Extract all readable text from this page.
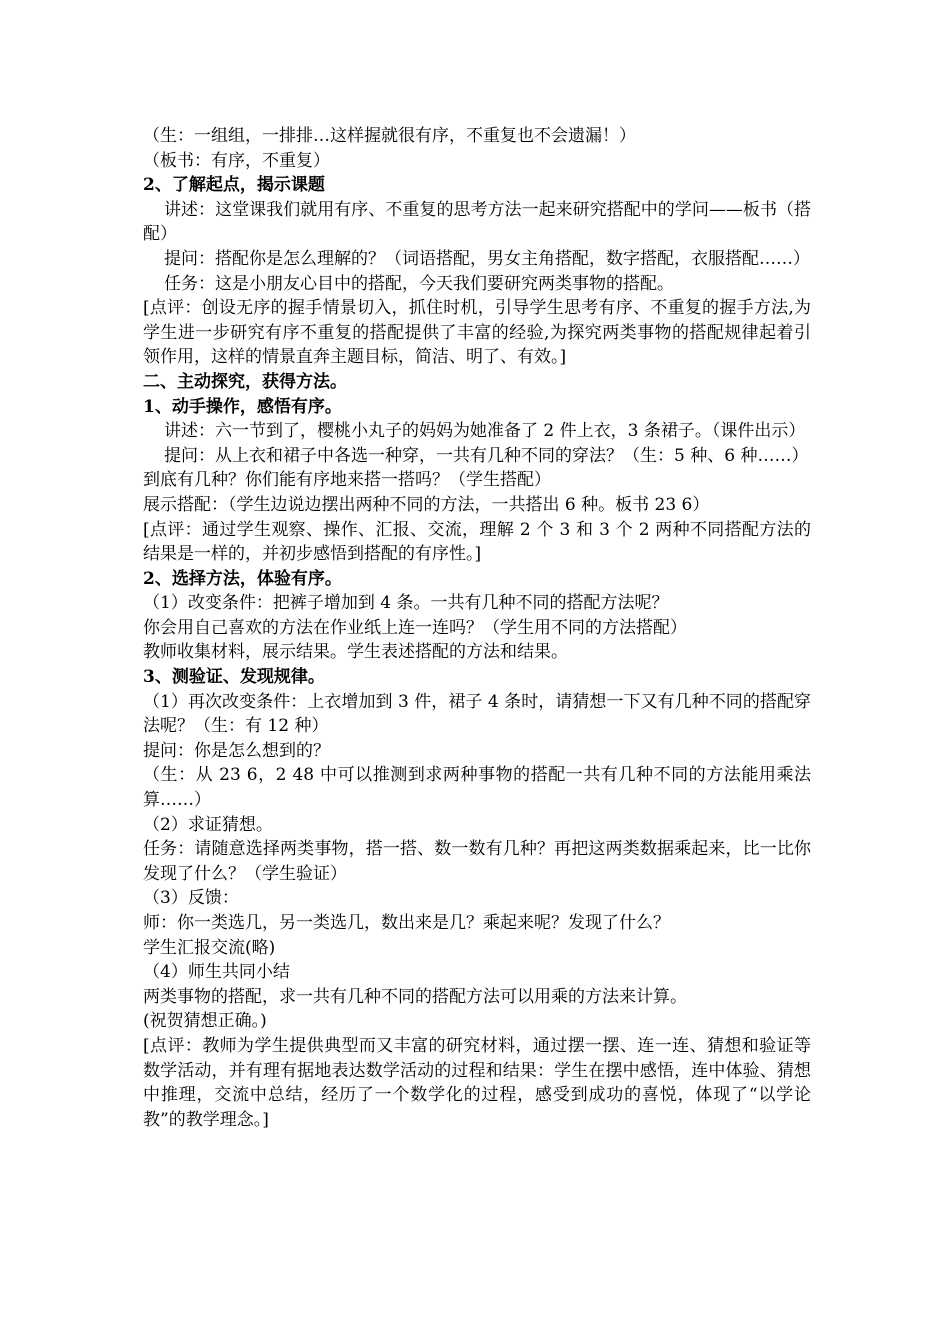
（生：一组组，一排排…这样握就很有序，不重复也不会遗漏！）

（板书：有序，不重复）

2、了解起点，揭示课题

讲述：这堂课我们就用有序、不重复的思考方法一起来研究搭配中的学问——板书（搭配）

提问：搭配你是怎么理解的？（词语搭配，男女主角搭配，数字搭配，衣服搭配……）

任务：这是小朋友心目中的搭配，今天我们要研究两类事物的搭配。

[点评：创设无序的握手情景切入，抓住时机，引导学生思考有序、不重复的握手方法,为学生进一步研究有序不重复的搭配提供了丰富的经验,为探究两类事物的搭配规律起着引领作用，这样的情景直奔主题目标，简洁、明了、有效。]

二、主动探究，获得方法。

1、动手操作，感悟有序。

讲述：六一节到了，樱桃小丸子的妈妈为她准备了 2 件上衣，3 条裙子。（课件出示）

提问：从上衣和裙子中各选一种穿，一共有几种不同的穿法？（生：5 种、6 种……）

到底有几种？你们能有序地来搭一搭吗？（学生搭配）

展示搭配：（学生边说边摆出两种不同的方法，一共搭出 6 种。板书 23 6）

[点评：通过学生观察、操作、汇报、交流，理解 2 个 3 和 3 个 2 两种不同搭配方法的结果是一样的，并初步感悟到搭配的有序性。]

2、选择方法，体验有序。

（1）改变条件：把裤子增加到 4 条。一共有几种不同的搭配方法呢？

你会用自己喜欢的方法在作业纸上连一连吗？（学生用不同的方法搭配）

教师收集材料，展示结果。学生表述搭配的方法和结果。

3、测验证、发现规律。

（1）再次改变条件：上衣增加到 3 件，裙子 4 条时，请猜想一下又有几种不同的搭配穿法呢？（生：有 12 种）

提问：你是怎么想到的？

（生：从 23 6，2 48 中可以推测到求两种事物的搭配一共有几种不同的方法能用乘法算……）

（2）求证猜想。

任务：请随意选择两类事物，搭一搭、数一数有几种？再把这两类数据乘起来，比一比你发现了什么？（学生验证）

（3）反馈：

师：你一类选几，另一类选几，数出来是几？乘起来呢？发现了什么？

学生汇报交流(略)

（4）师生共同小结

两类事物的搭配，求一共有几种不同的搭配方法可以用乘的方法来计算。

(祝贺猜想正确。)

[点评：教师为学生提供典型而又丰富的研究材料，通过摆一摆、连一连、猜想和验证等数学活动，并有理有据地表达数学活动的过程和结果：学生在摆中感悟，连中体验、猜想中推理，交流中总结，经历了一个数学化的过程，感受到成功的喜悦，体现了“以学论教”的教学理念。]
